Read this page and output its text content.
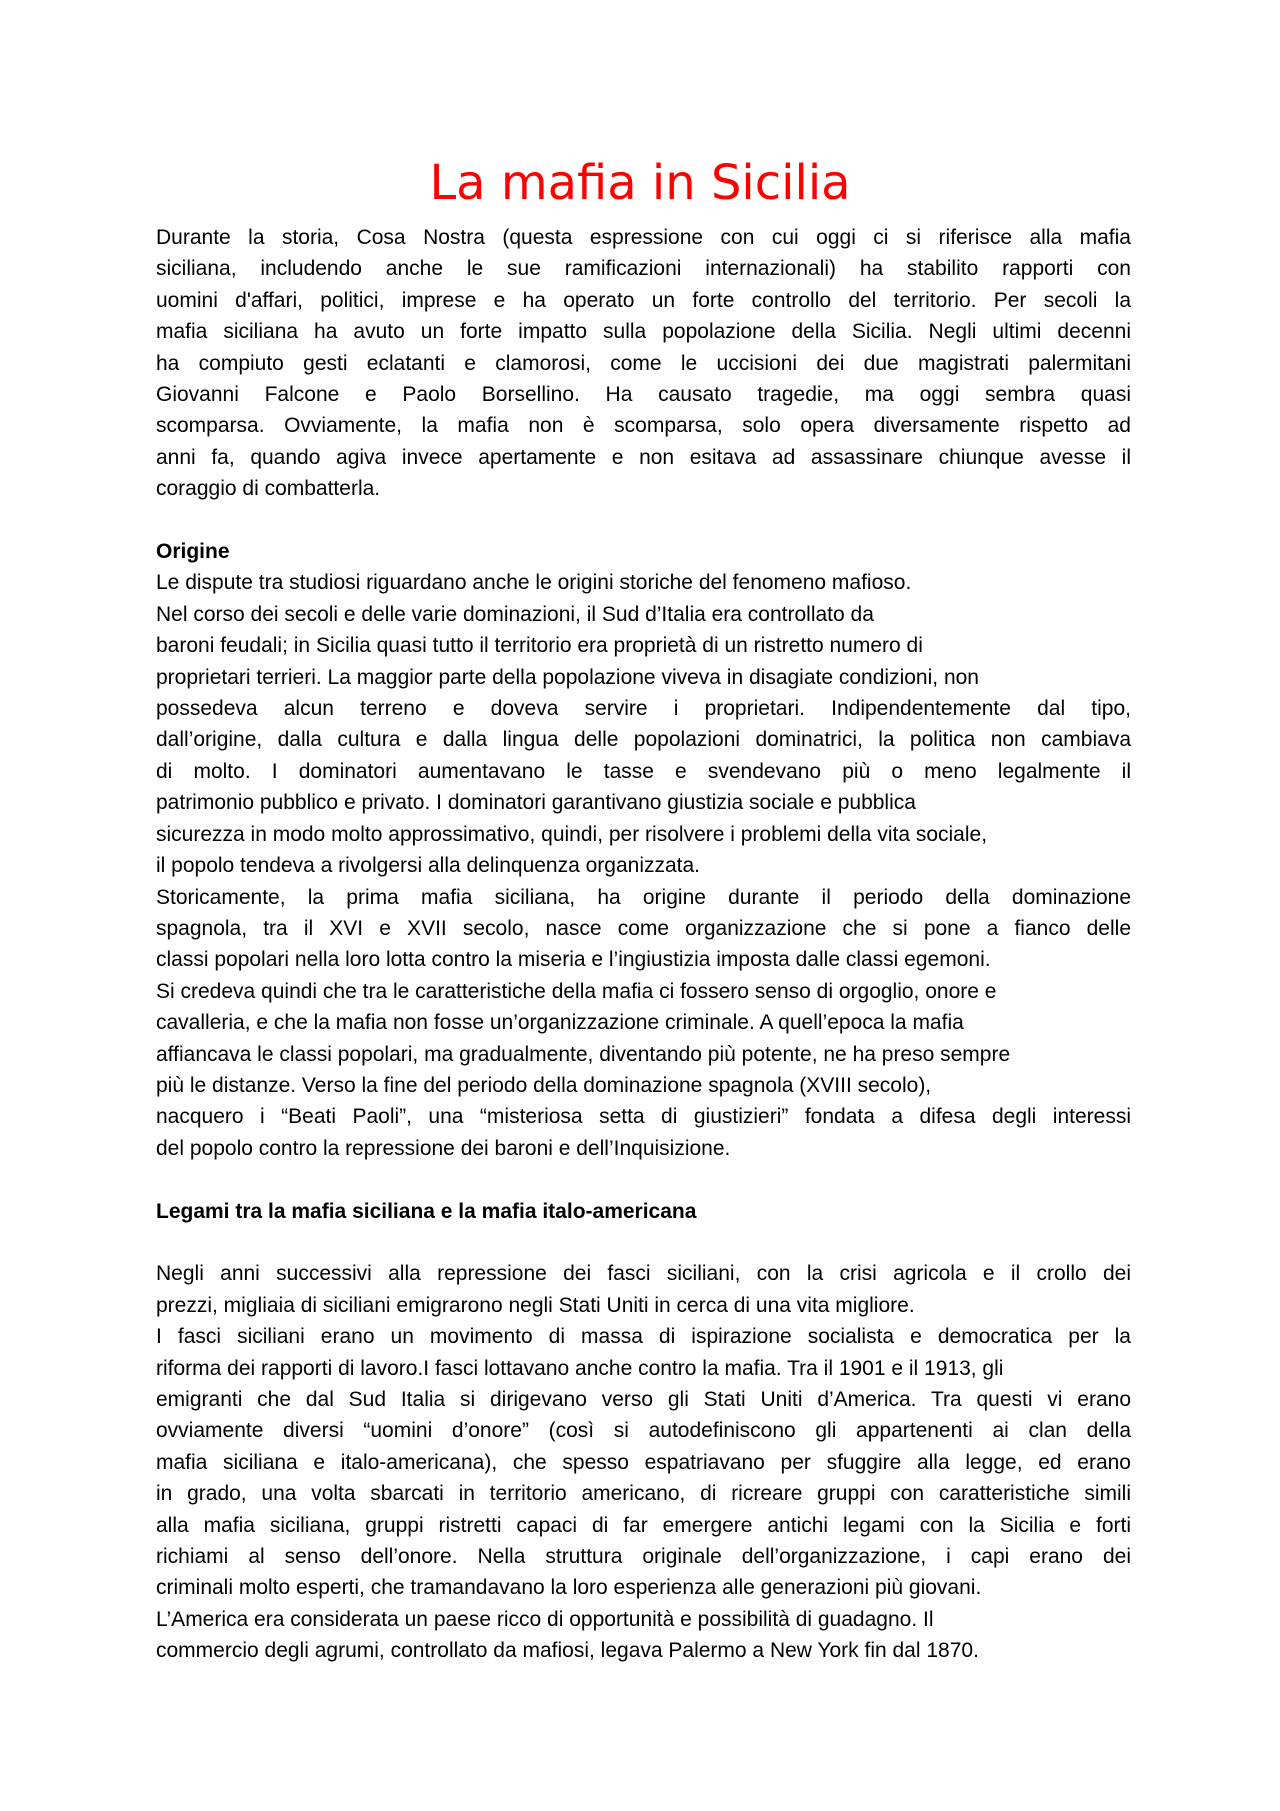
La mafia in Sicilia

Durante la storia, Cosa Nostra (questa espressione con cui oggi ci si riferisce alla mafia

siciliana, includendo anche le sue ramificazioni internazionali) ha stabilito rapporti con

uomini d'affari, politici, imprese e ha operato un forte controllo del territorio. Per secoli la

mafia siciliana ha avuto un forte impatto sulla popolazione della Sicilia. Negli ultimi decenni

ha compiuto gesti eclatanti e clamorosi, come le uccisioni dei due magistrati palermitani

Giovanni Falcone e Paolo Borsellino. Ha causato tragedie, ma oggi sembra quasi

scomparsa. Ovviamente, la mafia non è scomparsa, solo opera diversamente rispetto ad

anni fa, quando agiva invece apertamente e non esitava ad assassinare chiunque avesse il

coraggio di combatterla.

Origine

Le dispute tra studiosi riguardano anche le origini storiche del fenomeno mafioso.

Nel corso dei secoli e delle varie dominazioni, il Sud d’Italia era controllato da

baroni feudali; in Sicilia quasi tutto il territorio era proprietà di un ristretto numero di

proprietari terrieri. La maggior parte della popolazione viveva in disagiate condizioni, non

possedeva alcun terreno e doveva servire i proprietari. Indipendentemente dal tipo,

dall’origine, dalla cultura e dalla lingua delle popolazioni dominatrici, la politica non cambiava

di molto. I dominatori aumentavano le tasse e svendevano più o meno legalmente il

patrimonio pubblico e privato. I dominatori garantivano giustizia sociale e pubblica

sicurezza in modo molto approssimativo, quindi, per risolvere i problemi della vita sociale,

il popolo tendeva a rivolgersi alla delinquenza organizzata.

Storicamente, la prima mafia siciliana, ha origine durante il periodo della dominazione

spagnola, tra il XVI e XVII secolo, nasce come organizzazione che si pone a fianco delle

classi popolari nella loro lotta contro la miseria e l’ingiustizia imposta dalle classi egemoni.

Si credeva quindi che tra le caratteristiche della mafia ci fossero senso di orgoglio, onore e

cavalleria, e che la mafia non fosse un’organizzazione criminale. A quell’epoca la mafia

affiancava le classi popolari, ma gradualmente, diventando più potente, ne ha preso sempre

più le distanze. Verso la fine del periodo della dominazione spagnola (XVIII secolo),

nacquero i “Beati Paoli”, una “misteriosa setta di giustizieri” fondata a difesa degli interessi

del popolo contro la repressione dei baroni e dell’Inquisizione.

Legami tra la mafia siciliana e la mafia italo-americana

Negli anni successivi alla repressione dei fasci siciliani, con la crisi agricola e il crollo dei

prezzi, migliaia di siciliani emigrarono negli Stati Uniti in cerca di una vita migliore.

I fasci siciliani erano un movimento di massa di ispirazione socialista e democratica per la

riforma dei rapporti di lavoro.I fasci lottavano anche contro la mafia. Tra il 1901 e il 1913, gli

emigranti che dal Sud Italia si dirigevano verso gli Stati Uniti d’America. Tra questi vi erano

ovviamente diversi “uomini d’onore” (così si autodefiniscono gli appartenenti ai clan della

mafia siciliana e italo-americana), che spesso espatriavano per sfuggire alla legge, ed erano

in grado, una volta sbarcati in territorio americano, di ricreare gruppi con caratteristiche simili

alla mafia siciliana, gruppi ristretti capaci di far emergere antichi legami con la Sicilia e forti

richiami al senso dell’onore. Nella struttura originale dell’organizzazione, i capi erano dei

criminali molto esperti, che tramandavano la loro esperienza alle generazioni più giovani.

L’America era considerata un paese ricco di opportunità e possibilità di guadagno. Il

commercio degli agrumi, controllato da mafiosi, legava Palermo a New York fin dal 1870.
